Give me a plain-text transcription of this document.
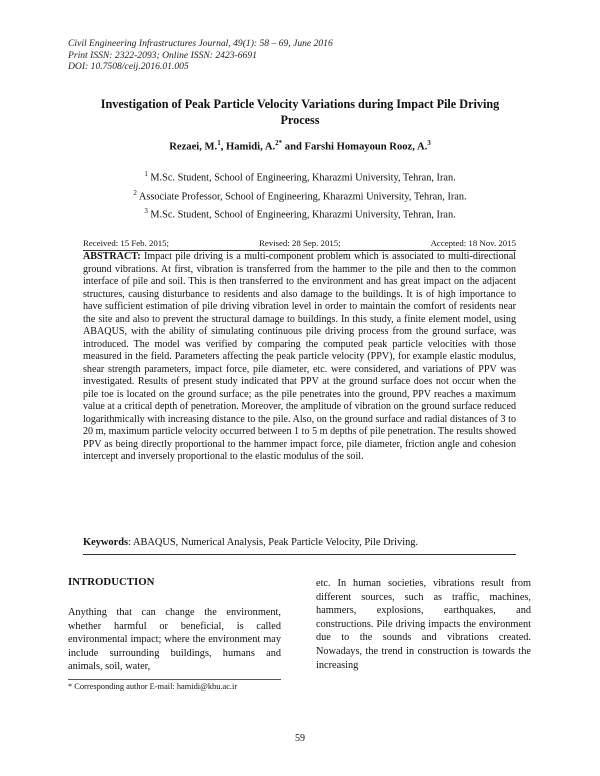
Civil Engineering Infrastructures Journal, 49(1): 58 – 69, June 2016
Print ISSN: 2322-2093; Online ISSN: 2423-6691
DOI: 10.7508/ceij.2016.01.005
Investigation of Peak Particle Velocity Variations during Impact Pile Driving Process
Rezaei, M.$^1$, Hamidi, A.$^{2*}$ and Farshi Homayoun Rooz, A.$^3$
$^1$ M.Sc. Student, School of Engineering, Kharazmi University, Tehran, Iran.
$^2$ Associate Professor, School of Engineering, Kharazmi University, Tehran, Iran.
$^3$ M.Sc. Student, School of Engineering, Kharazmi University, Tehran, Iran.
Received: 15 Feb. 2015;	Revised: 28 Sep. 2015;	Accepted: 18 Nov. 2015
ABSTRACT: Impact pile driving is a multi-component problem which is associated to multi-directional ground vibrations. At first, vibration is transferred from the hammer to the pile and then to the common interface of pile and soil. This is then transferred to the environment and has great impact on the adjacent structures, causing disturbance to residents and also damage to the buildings. It is of high importance to have sufficient estimation of pile driving vibration level in order to maintain the comfort of residents near the site and also to prevent the structural damage to buildings. In this study, a finite element model, using ABAQUS, with the ability of simulating continuous pile driving process from the ground surface, was introduced. The model was verified by comparing the computed peak particle velocities with those measured in the field. Parameters affecting the peak particle velocity (PPV), for example elastic modulus, shear strength parameters, impact force, pile diameter, etc. were considered, and variations of PPV was investigated. Results of present study indicated that PPV at the ground surface does not occur when the pile toe is located on the ground surface; as the pile penetrates into the ground, PPV reaches a maximum value at a critical depth of penetration. Moreover, the amplitude of vibration on the ground surface reduced logarithmically with increasing distance to the pile. Also, on the ground surface and radial distances of 3 to 20 m, maximum particle velocity occurred between 1 to 5 m depths of pile penetration. The results showed PPV as being directly proportional to the hammer impact force, pile diameter, friction angle and cohesion intercept and inversely proportional to the elastic modulus of the soil.
Keywords: ABAQUS, Numerical Analysis, Peak Particle Velocity, Pile Driving.
INTRODUCTION
Anything that can change the environment, whether harmful or beneficial, is called environmental impact; where the environment may include surrounding buildings, humans and animals, soil, water,
etc. In human societies, vibrations result from different sources, such as traffic, machines, hammers, explosions, earthquakes, and constructions. Pile driving impacts the environment due to the sounds and vibrations created. Nowadays, the trend in construction is towards the increasing
* Corresponding author E-mail: hamidi@khu.ac.ir
59
